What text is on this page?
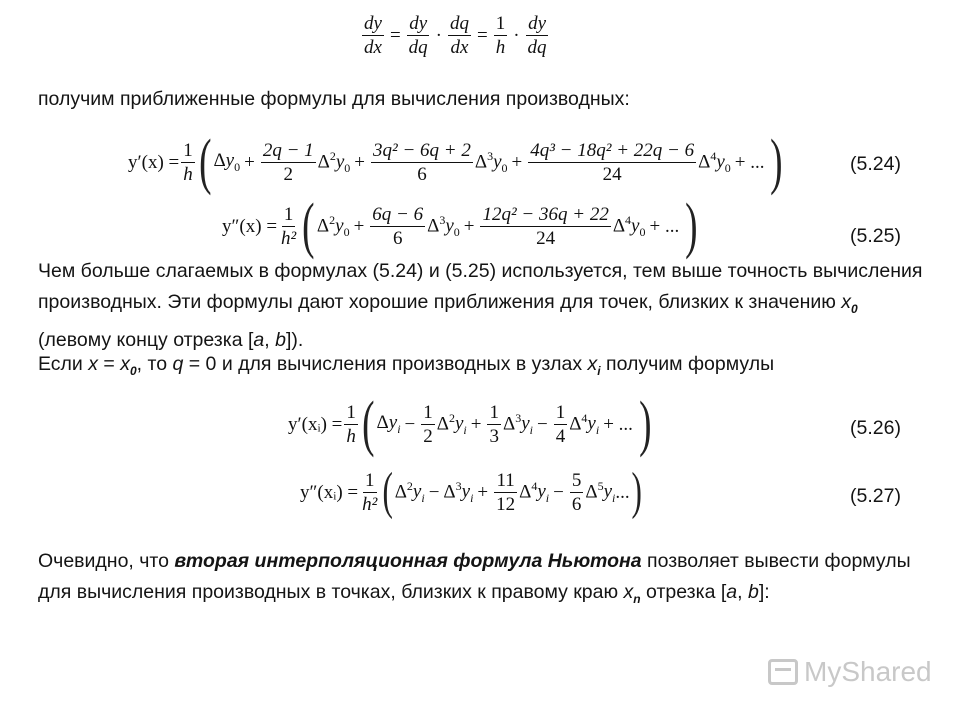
$\frac{dy}{dx} = \frac{dy}{dq} \cdot \frac{dq}{dx} = \frac{1}{h} \cdot \frac{dy}{dq}$
получим приближенные формулы для вычисления производных:
$y'(x) = \frac{1}{h}$ ( $\Delta y_0 + \frac{2q - 1}{2} \Delta^2y_0 + \frac{\text{3q² − 6q + 2}}{6} \Delta^3y_0 + \frac{\text{4q³ − 18q² + 22q − 6}}{24} \Delta^4y_0$ + ... )	(5.24)
$y''(x) = \frac{1}{\text{h²}}$ ( $\Delta^2y_0 + \frac{6q - 6}{6} \Delta^3y_0 + \frac{\text{12q² − 36q + 22}}{24} \Delta^4y_0$ + ... )	(5.25)
Чем больше слагаемых в формулах (5.24) и (5.25) используется, тем выше точность вычисления производных. Эти формулы дают хорошие приближения для точек, близких к значению $x_0$ (левому концу отрезка [a, b]).
Если $x = x_0$, то q = 0 и для вычисления производных в узлах $x_i$ получим формулы
y′(xᵢ) = $\frac{1}{h}$ ( $\Delta y_i - \frac{1}{2} \Delta^2y_i + \frac{1}{3} \Delta^3y_i - \frac{1}{4} \Delta^4y_i$ + ... )	(5.26)
y″(xᵢ) = $\frac{1}{\text{h²}}$ ( $\Delta^2y_i - \Delta^3y_i + \frac{11}{12} \Delta^4y_i - \frac{5}{6} \Delta^5y_i$ ... )	(5.27)
Очевидно, что вторая интерполяционная формула Ньютона позволяет вывести формулы для вычисления производных в точках, близких к правому краю $x_n$ отрезка [a, b]:
MyShared
